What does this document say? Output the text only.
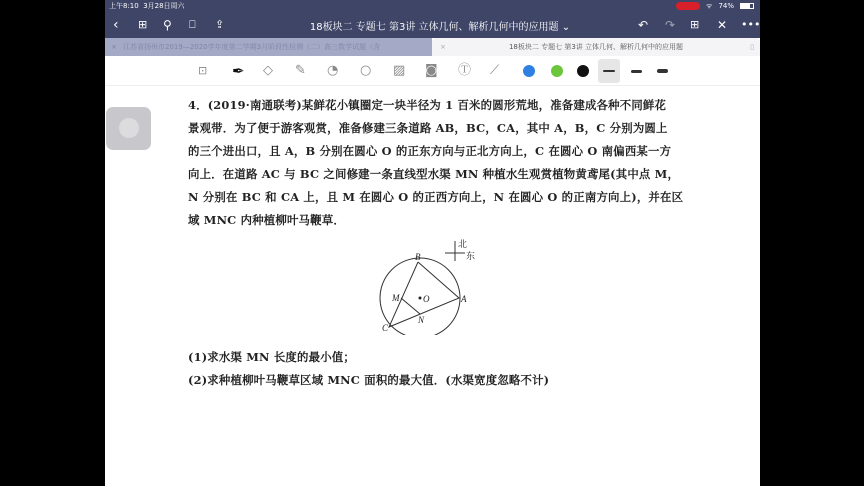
上午8:10 3月28日周六	ᯤ 74%
‹ ⊞ ⚲ ⎕ ⇪	18板块二 专题七 第3讲 立体几何、解析几何中的应用题 ⌄	↶ ↷ ⊞ ✕ •••
× 江苏省扬州市2019—2020学年度第二学期3月阶段性检测（二）高三数学试题（含	×	18板块二 专题七 第3讲 立体几何、解析几何中的应用题	▯
⊡ ✒ ◇ ✎ ◔ ○ ▨ ◙ Ⓣ ⟋
4．(2019·南通联考)某鲜花小镇圈定一块半径为 1 百米的圆形荒地，准备建成各种不同鲜花
景观带．为了便于游客观赏，准备修建三条道路 AB，BC，CA，其中 A，B，C 分别为圆上
的三个进出口，且 A，B 分别在圆心 O 的正东方向与正北方向上，C 在圆心 O 南偏西某一方
向上．在道路 AC 与 BC 之间修建一条直线型水渠 MN 种植水生观赏植物黄鸢尾(其中点 M，
N 分别在 BC 和 CA 上，且 M 在圆心 O 的正西方向上，N 在圆心 O 的正南方向上)，并在区
域 MNC 内种植柳叶马鞭草．
北
东
B
A
C
M
N
O
(1)求水渠 MN 长度的最小值；
(2)求种植柳叶马鞭草区域 MNC 面积的最大值．(水渠宽度忽略不计)
